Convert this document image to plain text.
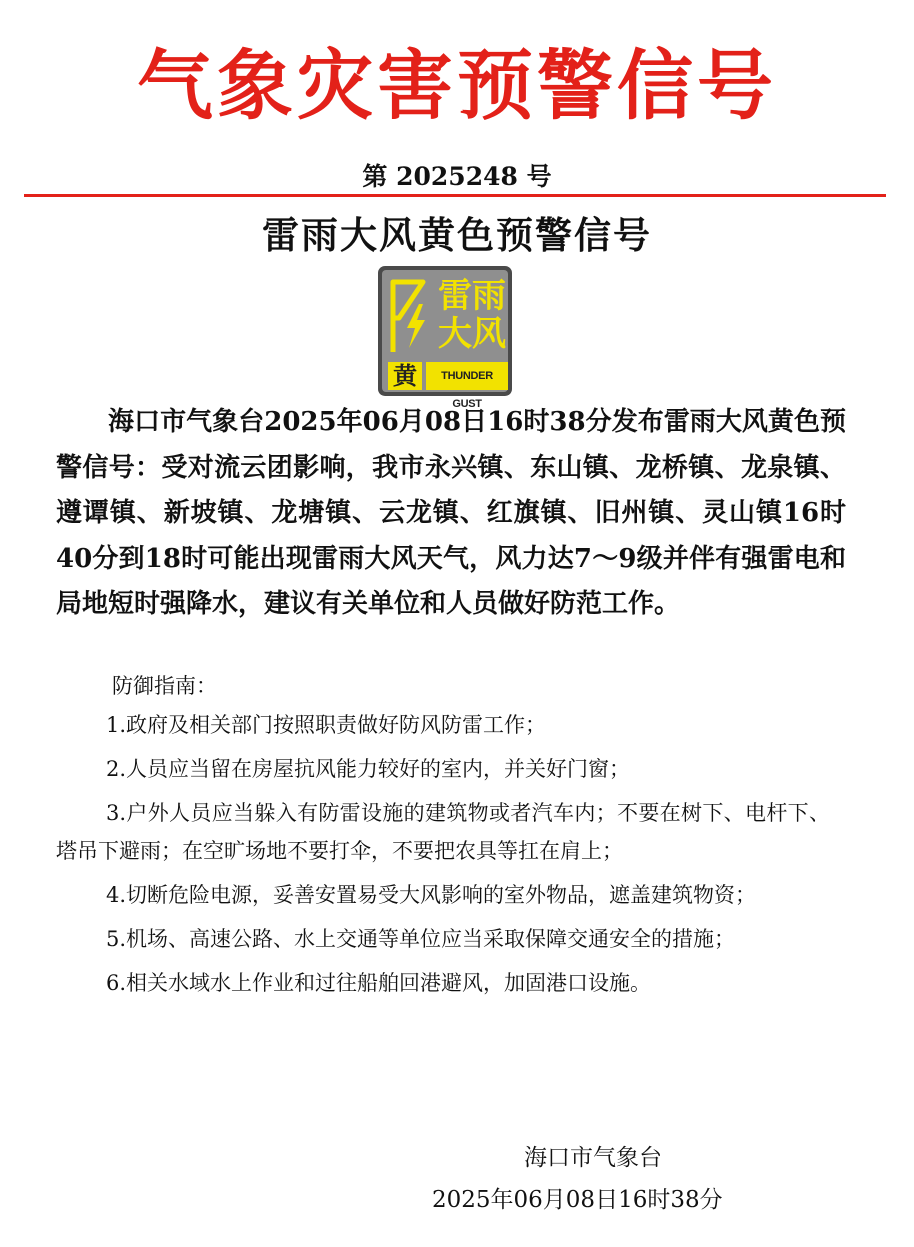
气象灾害预警信号
第 2025248 号
雷雨大风黄色预警信号
雷雨
大风
黄	THUNDER GUST

海口市气象台2025年06月08日16时38分发布雷雨大风黄色预警信号：受对流云团影响，我市永兴镇、东山镇、龙桥镇、龙泉镇、遵谭镇、新坡镇、龙塘镇、云龙镇、红旗镇、旧州镇、灵山镇16时40分到18时可能出现雷雨大风天气，风力达7～9级并伴有强雷电和局地短时强降水，建议有关单位和人员做好防范工作。

防御指南：

1.政府及相关部门按照职责做好防风防雷工作；
2.人员应当留在房屋抗风能力较好的室内，并关好门窗；
3.户外人员应当躲入有防雷设施的建筑物或者汽车内；不要在树下、电杆下、塔吊下避雨；在空旷场地不要打伞，不要把农具等扛在肩上；
4.切断危险电源，妥善安置易受大风影响的室外物品，遮盖建筑物资；
5.机场、高速公路、水上交通等单位应当采取保障交通安全的措施；
6.相关水域水上作业和过往船舶回港避风，加固港口设施。

海口市气象台

2025年06月08日16时38分
